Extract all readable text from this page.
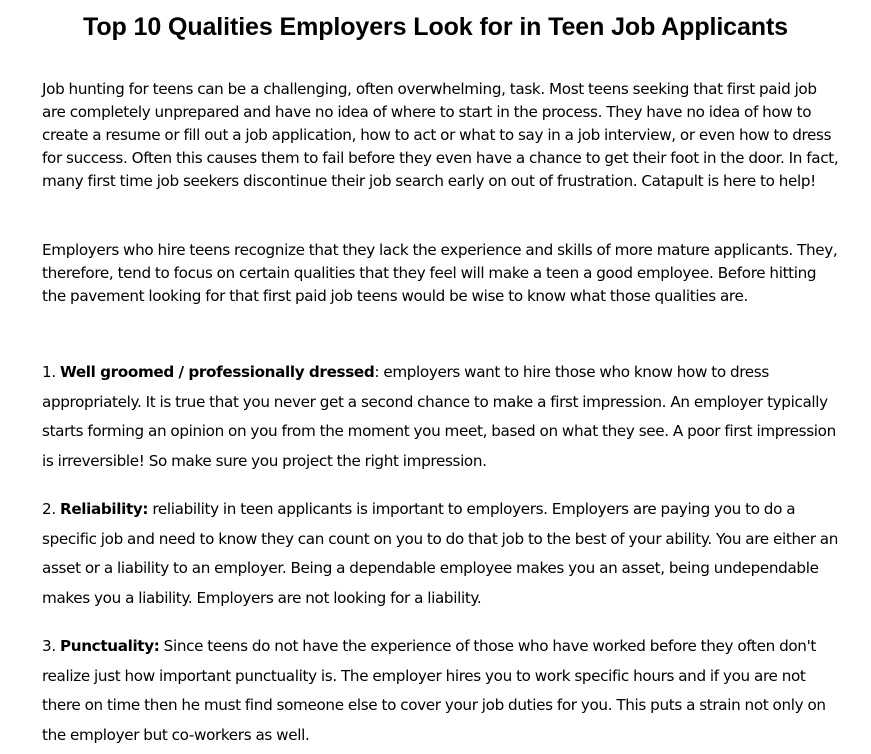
Top 10 Qualities Employers Look for in Teen Job Applicants

Job hunting for teens can be a challenging, often overwhelming, task. Most teens seeking that first paid job are completely unprepared and have no idea of where to start in the process. They have no idea of how to create a resume or fill out a job application, how to act or what to say in a job interview, or even how to dress for success. Often this causes them to fail before they even have a chance to get their foot in the door. In fact, many first time job seekers discontinue their job search early on out of frustration. Catapult is here to help!

Employers who hire teens recognize that they lack the experience and skills of more mature applicants. They, therefore, tend to focus on certain qualities that they feel will make a teen a good employee. Before hitting the pavement looking for that first paid job teens would be wise to know what those qualities are.

1. Well groomed / professionally dressed: employers want to hire those who know how to dress appropriately. It is true that you never get a second chance to make a first impression. An employer typically starts forming an opinion on you from the moment you meet, based on what they see. A poor first impression is irreversible! So make sure you project the right impression.

2. Reliability: reliability in teen applicants is important to employers. Employers are paying you to do a specific job and need to know they can count on you to do that job to the best of your ability. You are either an asset or a liability to an employer. Being a dependable employee makes you an asset, being undependable makes you a liability. Employers are not looking for a liability.

3. Punctuality: Since teens do not have the experience of those who have worked before they often don't realize just how important punctuality is. The employer hires you to work specific hours and if you are not there on time then he must find someone else to cover your job duties for you. This puts a strain not only on the employer but co-workers as well.
